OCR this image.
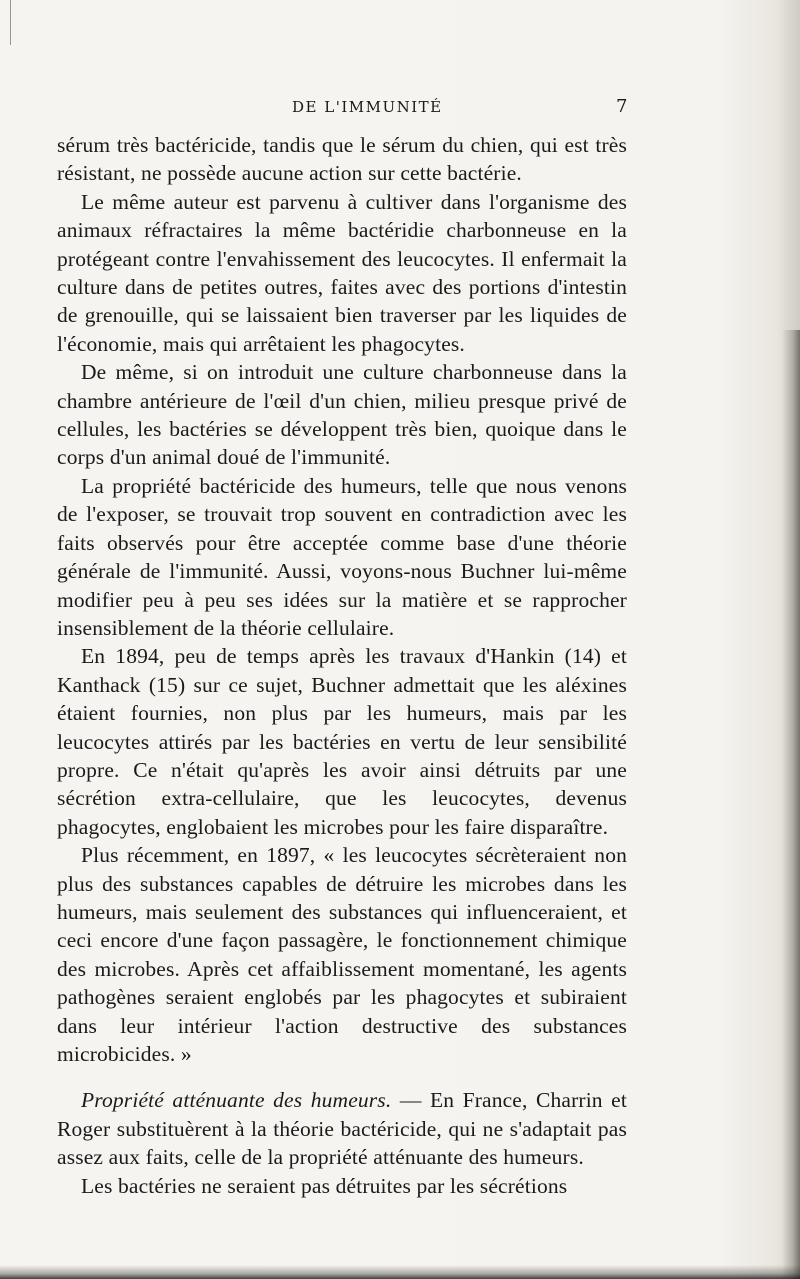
DE L'IMMUNITÉ	7

sérum très bactéricide, tandis que le sérum du chien, qui est très résistant, ne possède aucune action sur cette bactérie.

Le même auteur est parvenu à cultiver dans l'organisme des animaux réfractaires la même bactéridie charbonneuse en la protégeant contre l'envahissement des leucocytes. Il enfermait la culture dans de petites outres, faites avec des portions d'intestin de grenouille, qui se laissaient bien traverser par les liquides de l'économie, mais qui arrêtaient les phagocytes.

De même, si on introduit une culture charbonneuse dans la chambre antérieure de l'œil d'un chien, milieu presque privé de cellules, les bactéries se développent très bien, quoique dans le corps d'un animal doué de l'immunité.

La propriété bactéricide des humeurs, telle que nous venons de l'exposer, se trouvait trop souvent en contradiction avec les faits observés pour être acceptée comme base d'une théorie générale de l'immunité. Aussi, voyons-nous Buchner lui-même modifier peu à peu ses idées sur la matière et se rapprocher insensiblement de la théorie cellulaire.

En 1894, peu de temps après les travaux d'Hankin (14) et Kanthack (15) sur ce sujet, Buchner admettait que les aléxines étaient fournies, non plus par les humeurs, mais par les leucocytes attirés par les bactéries en vertu de leur sensibilité propre. Ce n'était qu'après les avoir ainsi détruits par une sécrétion extra-cellulaire, que les leucocytes, devenus phagocytes, englobaient les microbes pour les faire disparaître.

Plus récemment, en 1897, « les leucocytes sécrèteraient non plus des substances capables de détruire les microbes dans les humeurs, mais seulement des substances qui influenceraient, et ceci encore d'une façon passagère, le fonctionnement chimique des microbes. Après cet affaiblissement momentané, les agents pathogènes seraient englobés par les phagocytes et subiraient dans leur intérieur l'action destructive des substances microbicides. »

Propriété atténuante des humeurs. — En France, Charrin et Roger substituèrent à la théorie bactéricide, qui ne s'adaptait pas assez aux faits, celle de la propriété atténuante des humeurs.

Les bactéries ne seraient pas détruites par les sécrétions
